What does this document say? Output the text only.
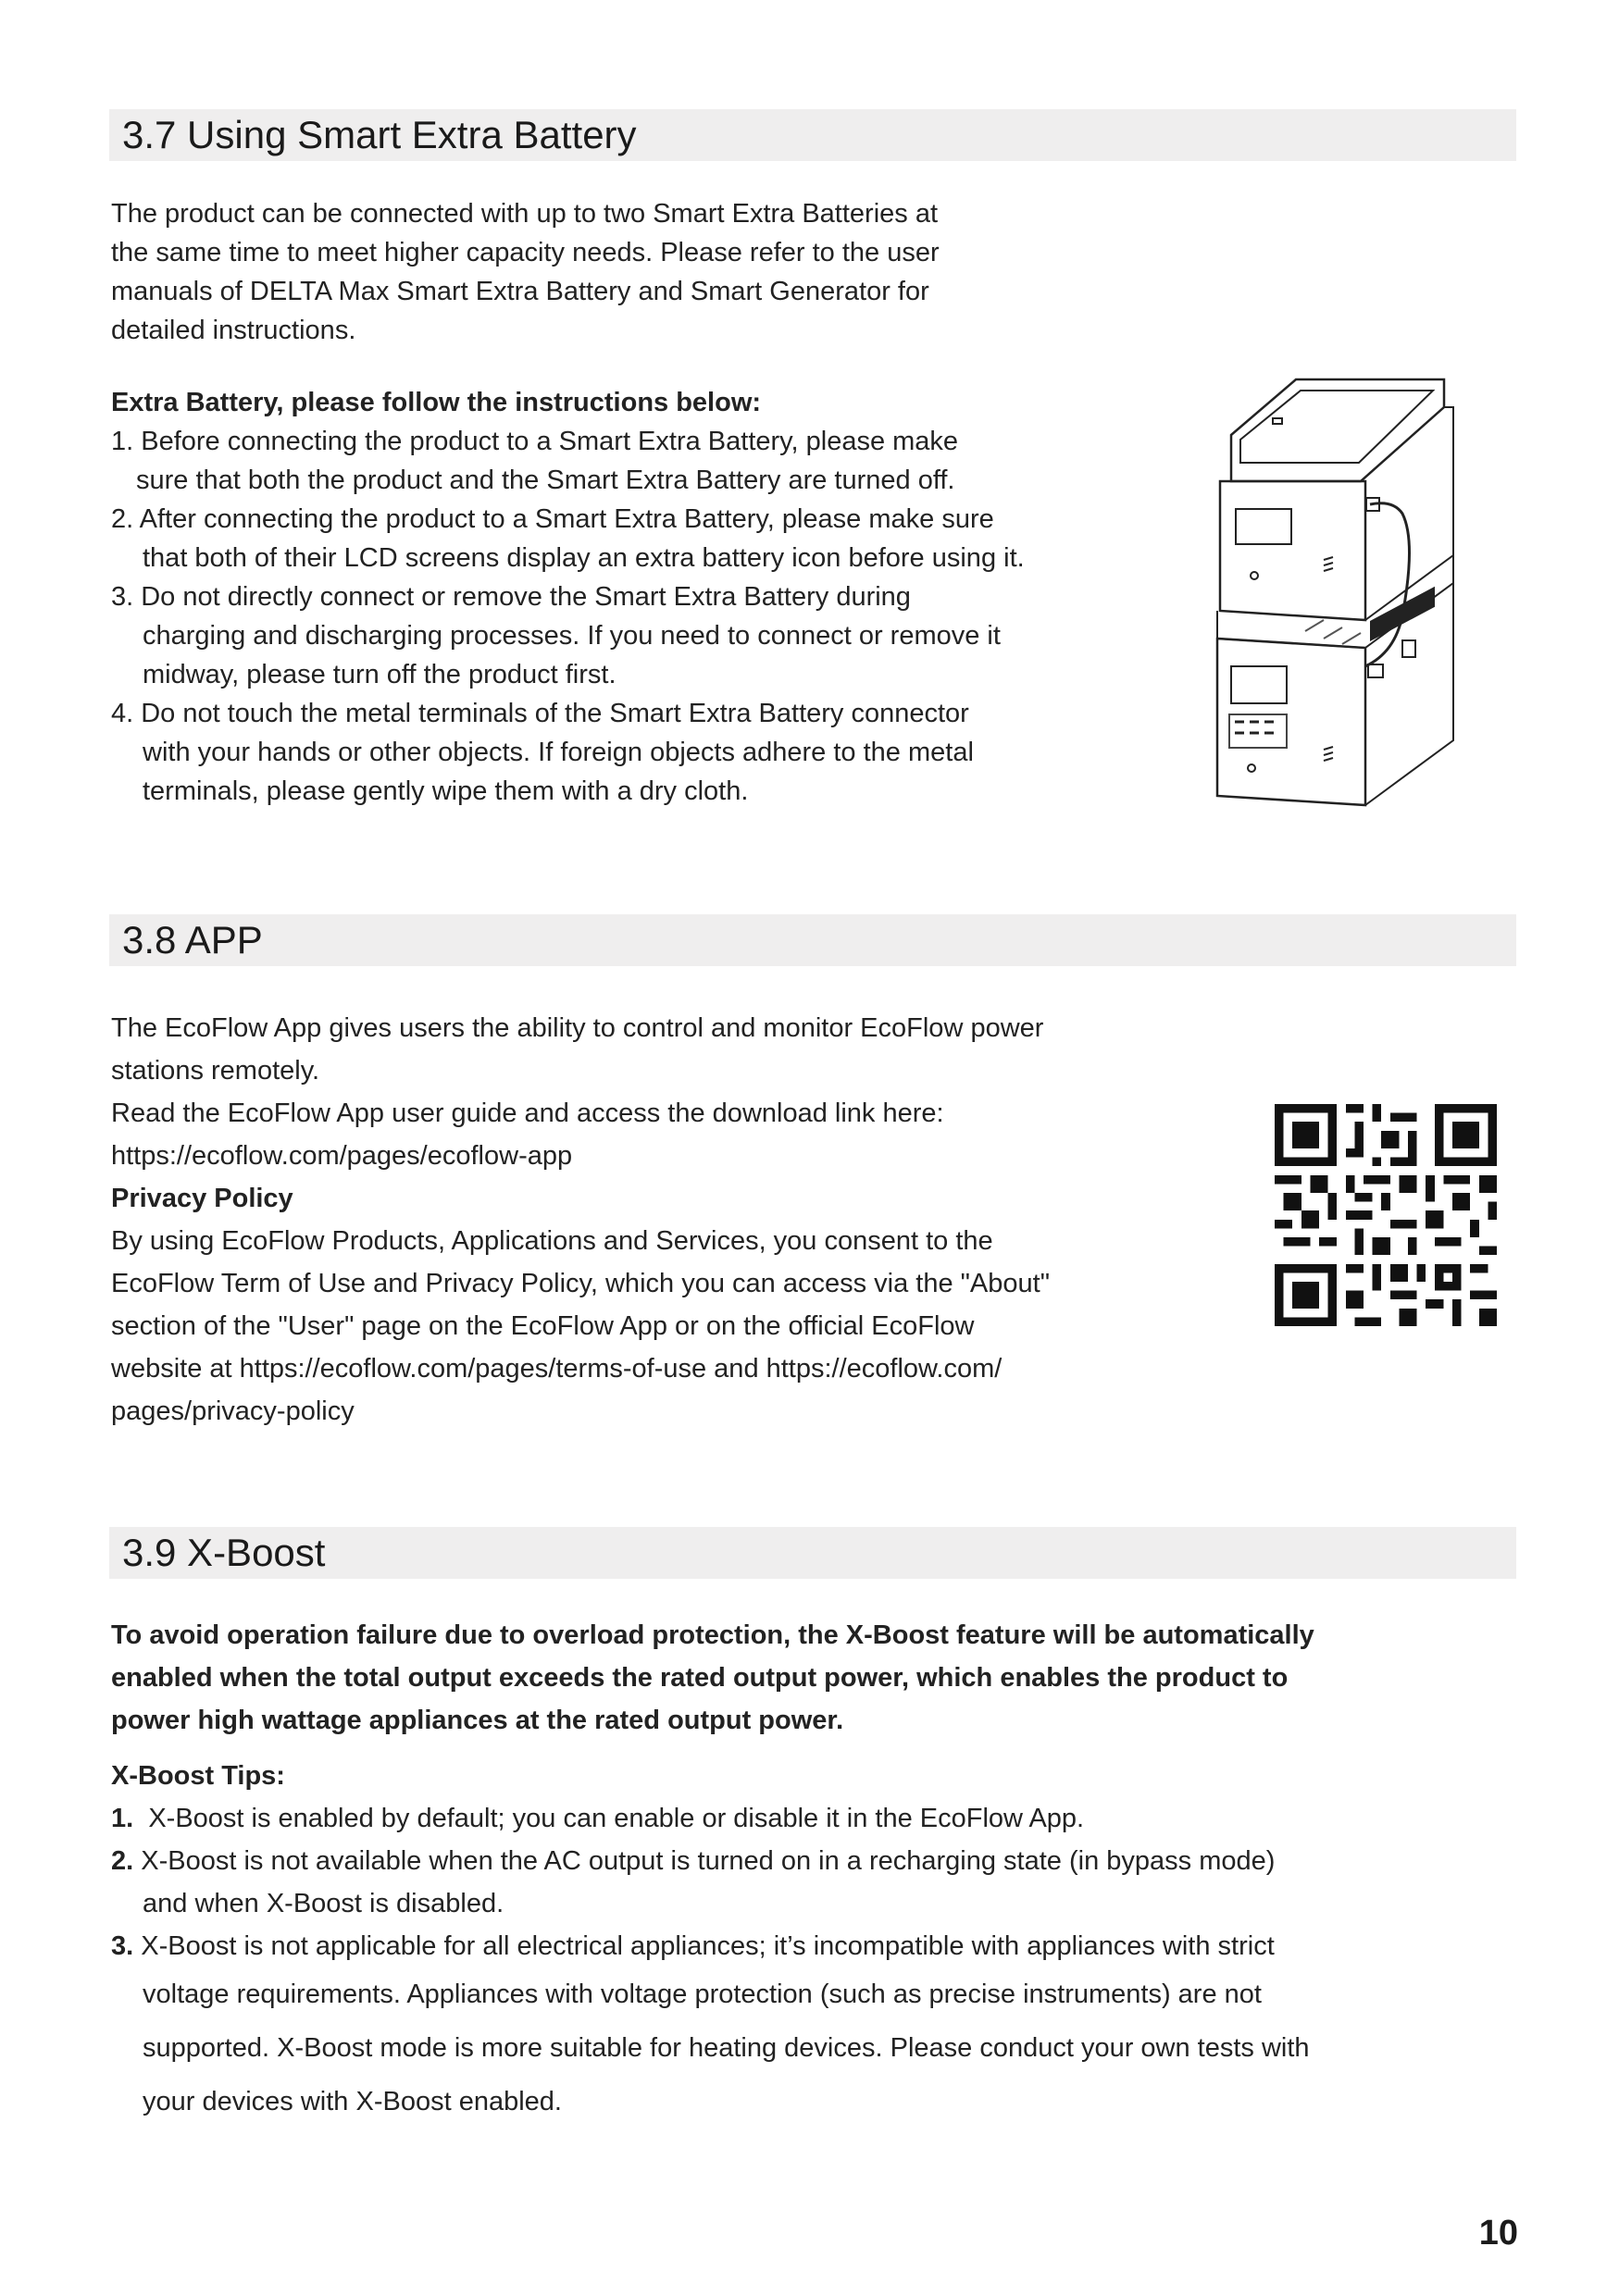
3.7 Using Smart Extra Battery
The product can be connected with up to two Smart Extra Batteries at
the same time to meet higher capacity needs. Please refer to the user
manuals of DELTA Max Smart Extra Battery and Smart Generator for
detailed instructions.
Extra Battery, please follow the instructions below:
1. Before connecting the product to a Smart Extra Battery, please make
sure that both the product and the Smart Extra Battery are turned off.
2. After connecting the product to a Smart Extra Battery, please make sure
that both of their LCD screens display an extra battery icon before using it.
3. Do not directly connect or remove the Smart Extra Battery during
charging and discharging processes. If you need to connect or remove it
midway, please turn off the product first.
4. Do not touch the metal terminals of the Smart Extra Battery connector
with your hands or other objects. If foreign objects adhere to the metal
terminals, please gently wipe them with a dry cloth.
3.8 APP
The EcoFlow App gives users the ability to control and monitor EcoFlow power
stations remotely.
Read the EcoFlow App user guide and access the download link here:
https://ecoflow.com/pages/ecoflow-app
Privacy Policy
By using EcoFlow Products, Applications and Services, you consent to the
EcoFlow Term of Use and Privacy Policy, which you can access via the "About"
section of the "User" page on the EcoFlow App or on the official EcoFlow
website at https://ecoflow.com/pages/terms-of-use and https://ecoflow.com/
pages/privacy-policy
3.9 X-Boost
To avoid operation failure due to overload protection, the X-Boost feature will be automatically
enabled when the total output exceeds the rated output power, which enables the product to
power high wattage appliances at the rated output power.
X-Boost Tips:
1. X-Boost is enabled by default; you can enable or disable it in the EcoFlow App.
2. X-Boost is not available when the AC output is turned on in a recharging state (in bypass mode)
and when X-Boost is disabled.
3. X-Boost is not applicable for all electrical appliances; it’s incompatible with appliances with strict
voltage requirements. Appliances with voltage protection (such as precise instruments) are not
supported. X-Boost mode is more suitable for heating devices. Please conduct your own tests with
your devices with X-Boost enabled.
10
